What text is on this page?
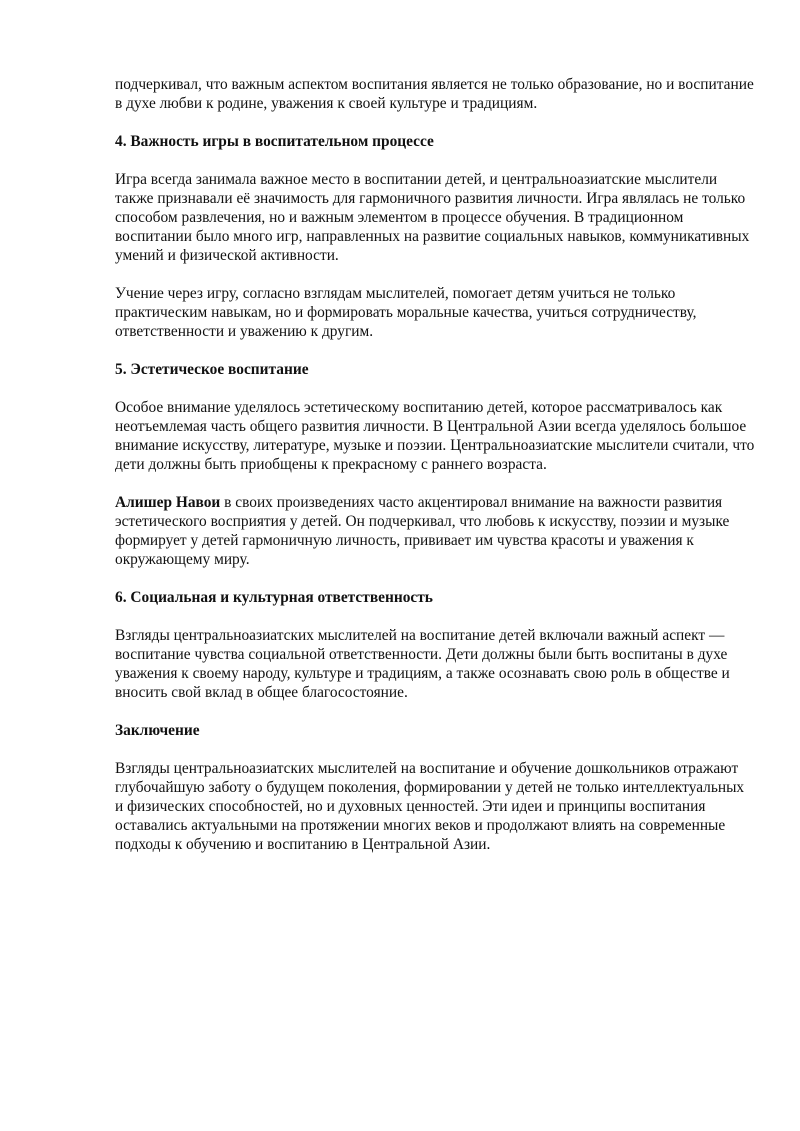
подчеркивал, что важным аспектом воспитания является не только образование, но и воспитание в духе любви к родине, уважения к своей культуре и традициям.

4. Важность игры в воспитательном процессе

Игра всегда занимала важное место в воспитании детей, и центральноазиатские мыслители также признавали её значимость для гармоничного развития личности. Игра являлась не только способом развлечения, но и важным элементом в процессе обучения. В традиционном воспитании было много игр, направленных на развитие социальных навыков, коммуникативных умений и физической активности.

Учение через игру, согласно взглядам мыслителей, помогает детям учиться не только практическим навыкам, но и формировать моральные качества, учиться сотрудничеству, ответственности и уважению к другим.

5. Эстетическое воспитание

Особое внимание уделялось эстетическому воспитанию детей, которое рассматривалось как неотъемлемая часть общего развития личности. В Центральной Азии всегда уделялось большое внимание искусству, литературе, музыке и поэзии. Центральноазиатские мыслители считали, что дети должны быть приобщены к прекрасному с раннего возраста.

Алишер Навои в своих произведениях часто акцентировал внимание на важности развития эстетического восприятия у детей. Он подчеркивал, что любовь к искусству, поэзии и музыке формирует у детей гармоничную личность, прививает им чувства красоты и уважения к окружающему миру.

6. Социальная и культурная ответственность

Взгляды центральноазиатских мыслителей на воспитание детей включали важный аспект — воспитание чувства социальной ответственности. Дети должны были быть воспитаны в духе уважения к своему народу, культуре и традициям, а также осознавать свою роль в обществе и вносить свой вклад в общее благосостояние.

Заключение

Взгляды центральноазиатских мыслителей на воспитание и обучение дошкольников отражают глубочайшую заботу о будущем поколения, формировании у детей не только интеллектуальных и физических способностей, но и духовных ценностей. Эти идеи и принципы воспитания оставались актуальными на протяжении многих веков и продолжают влиять на современные подходы к обучению и воспитанию в Центральной Азии.
